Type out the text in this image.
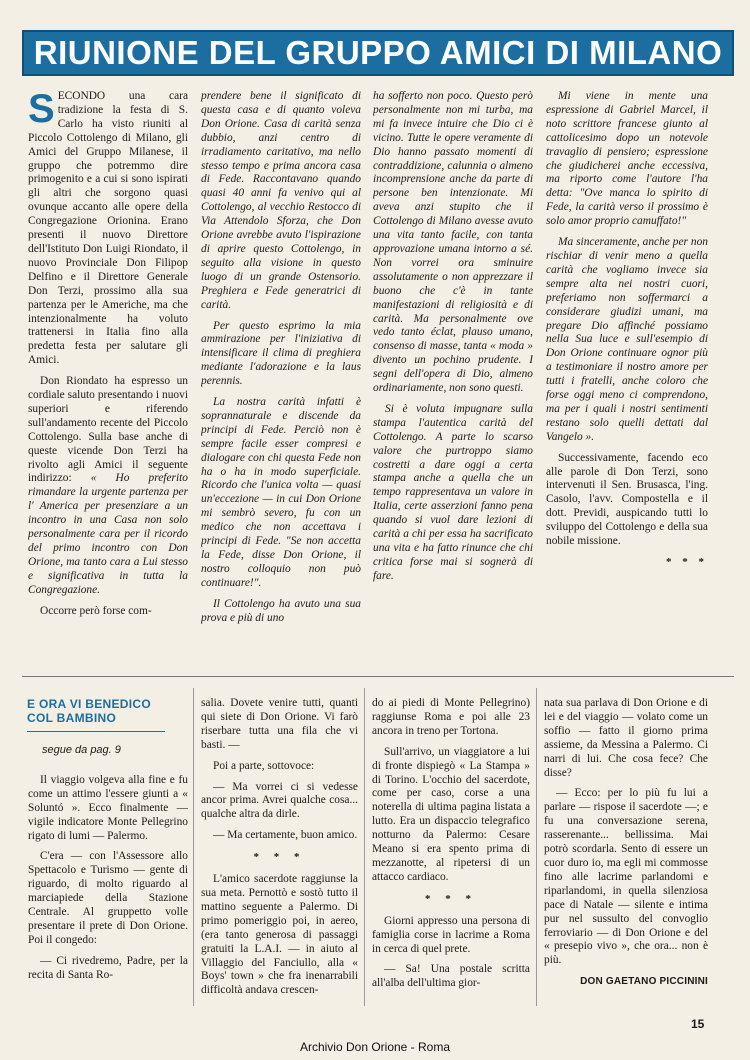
RIUNIONE DEL GRUPPO AMICI DI MILANO

SECONDO una cara tradizione la festa di S. Carlo ha visto riuniti al Piccolo Cottolengo di Milano, gli Amici del Gruppo Milanese, il gruppo che potremmo dire primogenito e a cui si sono ispirati gli altri che sorgono quasi ovunque accanto alle opere della Congregazione Orionina. Erano presenti il nuovo Direttore dell'Istituto Don Luigi Riondato, il nuovo Provinciale Don Filipop Delfino e il Direttore Generale Don Terzi, prossimo alla sua partenza per le Americhe, ma che intenzionalmente ha voluto trattenersi in Italia fino alla predetta festa per salutare gli Amici.

Don Riondato ha espresso un cordiale saluto presentando i nuovi superiori e riferendo sull'andamento recente del Piccolo Cottolengo. Sulla base anche di queste vicende Don Terzi ha rivolto agli Amici il seguente indirizzo: « Ho preferito rimandare la urgente partenza per l' America per presenziare a un incontro in una Casa non solo personalmente cara per il ricordo del primo incontro con Don Orione, ma tanto cara a Lui stesso e significativa in tutta la Congregazione.

Occorre però forse com-

prendere bene il significato di questa casa e di quanto voleva Don Orione. Casa di carità senza dubbio, anzi centro di irradiamento caritativo, ma nello stesso tempo e prima ancora casa di Fede. Raccontavano quando quasi 40 anni fa venivo qui al Cottolengo, al vecchio Restocco di Via Attendolo Sforza, che Don Orione avrebbe avuto l'ispirazione di aprire questo Cottolengo, in seguito alla visione in questo luogo di un grande Ostensorio. Preghiera e Fede generatrici di carità.

Per questo esprimo la mia ammirazione per l'iniziativa di intensificare il clima di preghiera mediante l'adorazione e la laus perennis.

La nostra carità infatti è soprannaturale e discende da principi di Fede. Perciò non è sempre facile esser compresi e dialogare con chi questa Fede non ha o ha in modo superficiale. Ricordo che l'unica volta — quasi un'eccezione — in cui Don Orione mi sembrò severo, fu con un medico che non accettava i principi di Fede. "Se non accetta la Fede, disse Don Orione, il nostro colloquio non può continuare!".

Il Cottolengo ha avuto una sua prova e più di uno

ha sofferto non poco. Questo però personalmente non mi turba, ma mi fa invece intuire che Dio ci è vicino. Tutte le opere veramente di Dio hanno passato momenti di contraddizione, calunnia o almeno incomprensione anche da parte di persone ben intenzionate. Mi aveva anzi stupito che il Cottolengo di Milano avesse avuto una vita tanto facile, con tanta approvazione umana intorno a sé. Non vorrei ora sminuire assolutamente o non apprezzare il buono che c'è in tante manifestazioni di religiosità e di carità. Ma personalmente ove vedo tanto éclat, plauso umano, consenso di masse, tanta « moda » divento un pochino prudente. I segni dell'opera di Dio, almeno ordinariamente, non sono questi.

Si è voluta impugnare sulla stampa l'autentica carità del Cottolengo. A parte lo scarso valore che purtroppo siamo costretti a dare oggi a certa stampa anche a quella che un tempo rappresentava un valore in Italia, certe asserzioni fanno pena quando si vuol dare lezioni di carità a chi per essa ha sacrificato una vita e ha fatto rinunce che chi critica forse mai si sognerà di fare.

Mi viene in mente una espressione di Gabriel Marcel, il noto scrittore francese giunto al cattolicesimo dopo un notevole travaglio di pensiero; espressione che giudicherei anche eccessiva, ma riporto come l'autore l'ha detta: "Ove manca lo spirito di Fede, la carità verso il prossimo è solo amor proprio camuffato!"

Ma sinceramente, anche per non rischiar di venir meno a quella carità che vogliamo invece sia sempre alta nei nostri cuori, preferiamo non soffermarci a considerare giudizi umani, ma pregare Dio affinché possiamo nella Sua luce e sull'esempio di Don Orione continuare ognor più a testimoniare il nostro amore per tutti i fratelli, anche coloro che forse oggi meno ci comprendono, ma per i quali i nostri sentimenti restano solo quelli dettati dal Vangelo ».

Successivamente, facendo eco alle parole di Don Terzi, sono intervenuti il Sen. Brusasca, l'ing. Casolo, l'avv. Compostella e il dott. Previdi, auspicando tutti lo sviluppo del Cottolengo e della sua nobile missione.

* * *
E ORA VI BENEDICO
COL BAMBINO
segue da pag. 9

Il viaggio volgeva alla fine e fu come un attimo l'essere giunti a « Soluntó ». Ecco finalmente — vigile indicatore Monte Pellegrino rigato di lumi — Palermo.

C'era — con l'Assessore allo Spettacolo e Turismo — gente di riguardo, di molto riguardo al marciapiede della Stazione Centrale. Al gruppetto volle presentare il prete di Don Orione. Poi il congedo:

— Ci rivedremo, Padre, per la recita di Santa Ro-

salia. Dovete venire tutti, quanti qui siete di Don Orione. Vi farò riserbare tutta una fila che vi basti. —

Poi a parte, sottovoce:

— Ma vorrei ci si vedesse ancor prima. Avrei qualche cosa... qualche altra da dirle.

— Ma certamente, buon amico.

* * *

L'amico sacerdote raggiunse la sua meta. Pernottò e sostò tutto il mattino seguente a Palermo. Di primo pomeriggio poi, in aereo, (era tanto generosa di passaggi gratuiti la L.A.I. — in aiuto al Villaggio del Fanciullo, alla « Boys' town » che fra inenarrabili difficoltà andava crescen-

do ai piedi di Monte Pellegrino) raggiunse Roma e poi alle 23 ancora in treno per Tortona.

Sull'arrivo, un viaggiatore a lui di fronte dispiegò « La Stampa » di Torino. L'occhio del sacerdote, come per caso, corse a una noterella di ultima pagina listata a lutto. Era un dispaccio telegrafico notturno da Palermo: Cesare Meano si era spento prima di mezzanotte, al ripetersi di un attacco cardiaco.

* * *

Giorni appresso una persona di famiglia corse in lacrime a Roma in cerca di quel prete.

— Sa! Una postale scritta all'alba dell'ultima gior-

nata sua parlava di Don Orione e di lei e del viaggio — volato come un soffio — fatto il giorno prima assieme, da Messina a Palermo. Ci narri di lui. Che cosa fece? Che disse?

— Ecco: per lo più fu lui a parlare — rispose il sacerdote —; e fu una conversazione serena, rasserenante... bellissima. Mai potrò scordarla. Sento di essere un cuor duro io, ma egli mi commosse fino alle lacrime parlandomi e riparlandomi, in quella silenziosa pace di Natale — silente e intima pur nel sussulto del convoglio ferroviario — di Don Orione e del « presepio vivo », che ora... non è più.

DON GAETANO PICCININI
15
Archivio Don Orione - Roma
